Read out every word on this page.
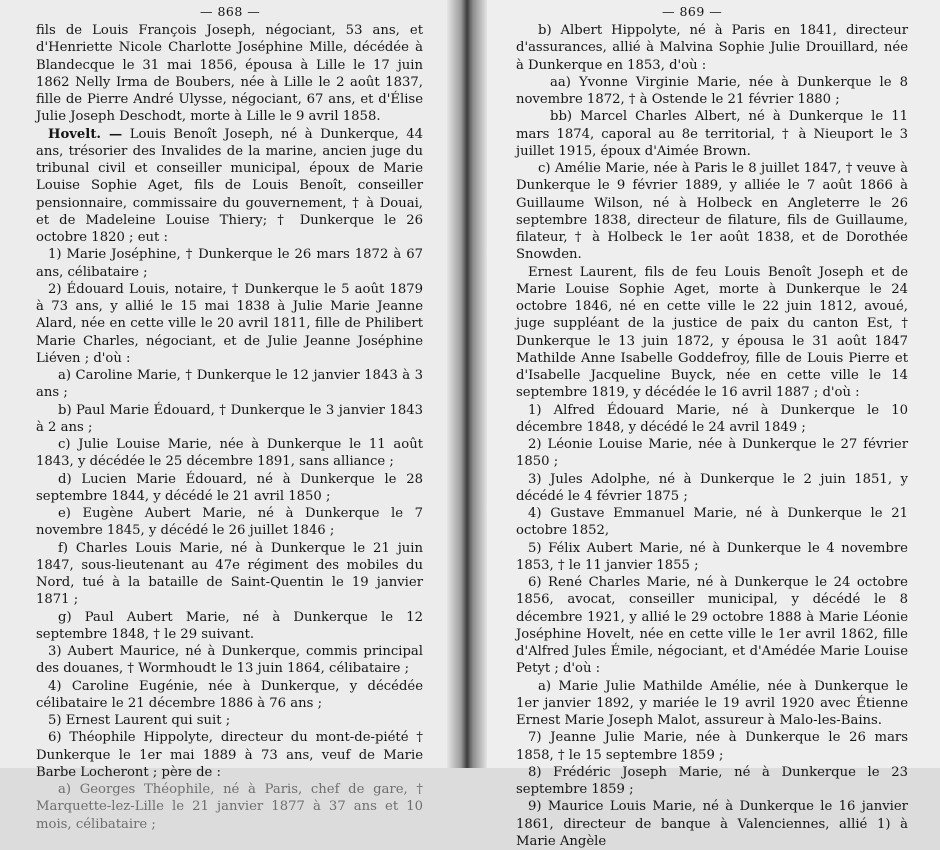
— 868 —

fils de Louis François Joseph, négociant, 53 ans, et d'Henriette Nicole Charlotte Joséphine Mille, décédée à Blandecque le 31 mai 1856, épousa à Lille le 17 juin 1862 Nelly Irma de Boubers, née à Lille le 2 août 1837, fille de Pierre André Ulysse, négociant, 67 ans, et d'Élise Julie Joseph Deschodt, morte à Lille le 9 avril 1858.

Hovelt. — Louis Benoît Joseph, né à Dunkerque, 44 ans, trésorier des Invalides de la marine, ancien juge du tribunal civil et conseiller municipal, époux de Marie Louise Sophie Aget, fils de Louis Benoît, conseiller pensionnaire, commissaire du gouvernement, † à Douai, et de Madeleine Louise Thiery; † Dunkerque le 26 octobre 1820 ; eut :

1) Marie Joséphine, † Dunkerque le 26 mars 1872 à 67 ans, célibataire ;

2) Édouard Louis, notaire, † Dunkerque le 5 août 1879 à 73 ans, y allié le 15 mai 1838 à Julie Marie Jeanne Alard, née en cette ville le 20 avril 1811, fille de Philibert Marie Charles, négociant, et de Julie Jeanne Joséphine Liéven ; d'où :

a) Caroline Marie, † Dunkerque le 12 janvier 1843 à 3 ans ;

b) Paul Marie Édouard, † Dunkerque le 3 janvier 1843 à 2 ans ;

c) Julie Louise Marie, née à Dunkerque le 11 août 1843, y décédée le 25 décembre 1891, sans alliance ;

d) Lucien Marie Édouard, né à Dunkerque le 28 septembre 1844, y décédé le 21 avril 1850 ;

e) Eugène Aubert Marie, né à Dunkerque le 7 novembre 1845, y décédé le 26 juillet 1846 ;

f) Charles Louis Marie, né à Dunkerque le 21 juin 1847, sous-lieutenant au 47e régiment des mobiles du Nord, tué à la bataille de Saint-Quentin le 19 janvier 1871 ;

g) Paul Aubert Marie, né à Dunkerque le 12 septembre 1848, † le 29 suivant.

3) Aubert Maurice, né à Dunkerque, commis principal des douanes, † Wormhoudt le 13 juin 1864, célibataire ;

4) Caroline Eugénie, née à Dunkerque, y décédée célibataire le 21 décembre 1886 à 76 ans ;

5) Ernest Laurent qui suit ;

6) Théophile Hippolyte, directeur du mont-de-piété † Dunkerque le 1er mai 1889 à 73 ans, veuf de Marie Barbe Locheront ; père de :

a) Georges Théophile, né à Paris, chef de gare, † Marquette-lez-Lille le 21 janvier 1877 à 37 ans et 10 mois, célibataire ;

— 869 —

b) Albert Hippolyte, né à Paris en 1841, directeur d'assurances, allié à Malvina Sophie Julie Drouillard, née à Dunkerque en 1853, d'où :

aa) Yvonne Virginie Marie, née à Dunkerque le 8 novembre 1872, † à Ostende le 21 février 1880 ;

bb) Marcel Charles Albert, né à Dunkerque le 11 mars 1874, caporal au 8e territorial, † à Nieuport le 3 juillet 1915, époux d'Aimée Brown.

c) Amélie Marie, née à Paris le 8 juillet 1847, † veuve à Dunkerque le 9 février 1889, y alliée le 7 août 1866 à Guillaume Wilson, né à Holbeck en Angleterre le 26 septembre 1838, directeur de filature, fils de Guillaume, filateur, † à Holbeck le 1er août 1838, et de Dorothée Snowden.

Ernest Laurent, fils de feu Louis Benoît Joseph et de Marie Louise Sophie Aget, morte à Dunkerque le 24 octobre 1846, né en cette ville le 22 juin 1812, avoué, juge suppléant de la justice de paix du canton Est, † Dunkerque le 13 juin 1872, y épousa le 31 août 1847 Mathilde Anne Isabelle Goddefroy, fille de Louis Pierre et d'Isabelle Jacqueline Buyck, née en cette ville le 14 septembre 1819, y décédée le 16 avril 1887 ; d'où :

1) Alfred Édouard Marie, né à Dunkerque le 10 décembre 1848, y décédé le 24 avril 1849 ;

2) Léonie Louise Marie, née à Dunkerque le 27 février 1850 ;

3) Jules Adolphe, né à Dunkerque le 2 juin 1851, y décédé le 4 février 1875 ;

4) Gustave Emmanuel Marie, né à Dunkerque le 21 octobre 1852,

5) Félix Aubert Marie, né à Dunkerque le 4 novembre 1853, † le 11 janvier 1855 ;

6) René Charles Marie, né à Dunkerque le 24 octobre 1856, avocat, conseiller municipal, y décédé le 8 décembre 1921, y allié le 29 octobre 1888 à Marie Léonie Joséphine Hovelt, née en cette ville le 1er avril 1862, fille d'Alfred Jules Émile, négociant, et d'Amédée Marie Louise Petyt ; d'où :

a) Marie Julie Mathilde Amélie, née à Dunkerque le 1er janvier 1892, y mariée le 19 avril 1920 avec Étienne Ernest Marie Joseph Malot, assureur à Malo-les-Bains.

7) Jeanne Julie Marie, née à Dunkerque le 26 mars 1858, † le 15 septembre 1859 ;

8) Frédéric Joseph Marie, né à Dunkerque le 23 septembre 1859 ;

9) Maurice Louis Marie, né à Dunkerque le 16 janvier 1861, directeur de banque à Valenciennes, allié 1) à Marie Angèle
